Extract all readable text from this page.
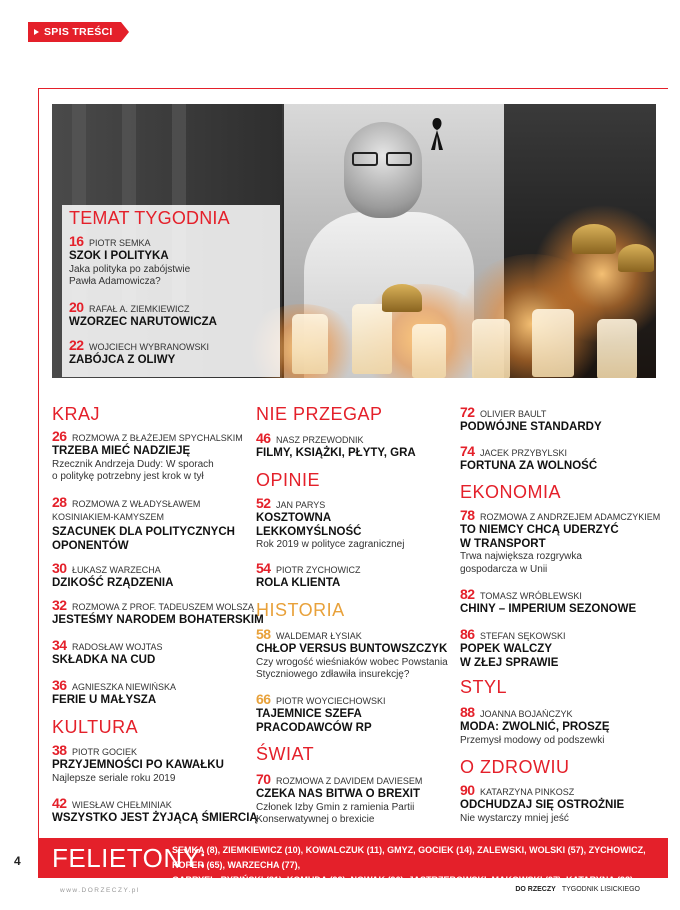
SPIS TREŚCI
TEMAT TYGODNIA
16 PIOTR SEMKA
SZOK I POLITYKA
Jaka polityka po zabójstwie
Pawła Adamowicza?
20 RAFAŁ A. ZIEMKIEWICZ
WZORZEC NARUTOWICZA
22 WOJCIECH WYBRANOWSKI
ZABÓJCA Z OLIWY
KRAJ
26 ROZMOWA Z BŁAŻEJEM SPYCHALSKIM
TRZEBA MIEĆ NADZIEJĘ
Rzecznik Andrzeja Dudy: W sporach
o politykę potrzebny jest krok w tył
28 ROZMOWA Z WŁADYSŁAWEM
KOSINIAKIEM-KAMYSZEM
SZACUNEK DLA POLITYCZNYCH
OPONENTÓW
30 ŁUKASZ WARZECHA
DZIKOŚĆ RZĄDZENIA
32 ROZMOWA Z PROF. TADEUSZEM WOLSZĄ
JESTEŚMY NARODEM BOHATERSKIM
34 RADOSŁAW WOJTAS
SKŁADKA NA CUD
36 AGNIESZKA NIEWIŃSKA
FERIE U MAŁYSZA
KULTURA
38 PIOTR GOCIEK
PRZYJEMNOŚCI PO KAWAŁKU
Najlepsze seriale roku 2019
42 WIESŁAW CHEŁMINIAK
WSZYSTKO JEST ŻYJĄCĄ ŚMIERCIĄ
NIE PRZEGAP
46 NASZ PRZEWODNIK
FILMY, KSIĄŻKI, PŁYTY, GRA
OPINIE
52 JAN PARYS
KOSZTOWNA
LEKKOMYŚLNOŚĆ
Rok 2019 w polityce zagranicznej
54 PIOTR ZYCHOWICZ
ROLA KLIENTA
HISTORIA
58 WALDEMAR ŁYSIAK
CHŁOP VERSUS BUNTOWSZCZYK
Czy wrogość wieśniaków wobec Powstania
Styczniowego zdławiła insurekcję?
66 PIOTR WOYCIECHOWSKI
TAJEMNICE SZEFA
PRACODAWCÓW RP
ŚWIAT
70 ROZMOWA Z DAVIDEM DAVIESEM
CZEKA NAS BITWA O BREXIT
Członek Izby Gmin z ramienia Partii
Konserwatywnej o brexicie
72 OLIVIER BAULT
PODWÓJNE STANDARDY
74 JACEK PRZYBYLSKI
FORTUNA ZA WOLNOŚĆ
EKONOMIA
78 ROZMOWA Z ANDRZEJEM ADAMCZYKIEM
TO NIEMCY CHCĄ UDERZYĆ
W TRANSPORT
Trwa największa rozgrywka
gospodarcza w Unii
82 TOMASZ WRÓBLEWSKI
CHINY – IMPERIUM SEZONOWE
86 STEFAN SĘKOWSKI
POPEK WALCZY
W ZŁEJ SPRAWIE
STYL
88 JOANNA BOJAŃCZYK
MODA: ZWOLNIĆ, PROSZĘ
Przemysł modowy od podszewki
O ZDROWIU
90 KATARZYNA PINKOSZ
ODCHUDZAJ SIĘ OSTROŻNIE
Nie wystarczy mniej jeść
FELIETONY:
SEMKA (8), ZIEMKIEWICZ (10), KOWALCZUK (11), GMYZ, GOCIEK (14), ZALEWSKI, WOLSKI (57), ZYCHOWICZ, KOPER (65), WARZECHA (77),
GABRYEL, RYBIŃSKI (81), KOMUDA (92), NOWAK (96), JASTRZĘBOWSKI, MAKOWSKI (97), KATARYNA (98), ŁYSIAK (99)
4
www.DORZECZY.pl	DO RZECZY TYGODNIK LISICKIEGO
